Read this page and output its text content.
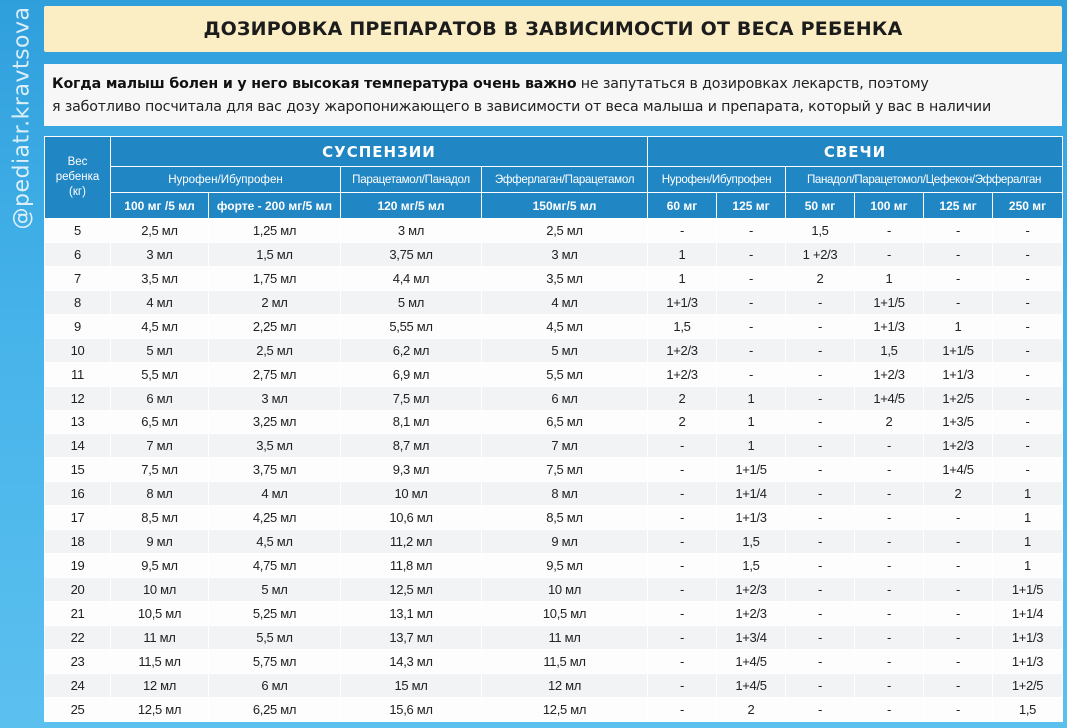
@pediatr.kravtsova	ДОЗИРОВКА ПРЕПАРАТОВ В ЗАВИСИМОСТИ ОТ ВЕСА РЕБЕНКА
Когда малыш болен и у него высокая температура очень важно не запутаться в дозировках лекарств, поэтому
я заботливо посчитала для вас дозу жаропонижающего в зависимости от веса малыша и препарата, который у вас в наличии
Вес
ребенка
(кг)	СУСПЕНЗИИ				СВЕЧИ					
	Нурофен/Ибупрофен		Парацетамол/Панадол	Эфферлаган/Парацетамол	Нурофен/Ибупрофен		Панадол/Парацетомол/Цефекон/Эффералган			
	100 мг /5 мл	форте - 200 мг/5 мл	120 мг/5 мл	150мг/5 мл	60 мг	125 мг	50 мг	100 мг	125 мг	250 мг
5	2,5 мл	1,25 мл	3 мл	2,5 мл	-	-	1,5	-	-	-
6	3 мл	1,5 мл	3,75 мл	3 мл	1	-	1 +2/3	-	-	-
7	3,5 мл	1,75 мл	4,4 мл	3,5 мл	1	-	2	1	-	-
8	4 мл	2 мл	5 мл	4 мл	1+1/3	-	-	1+1/5	-	-
9	4,5 мл	2,25 мл	5,55 мл	4,5 мл	1,5	-	-	1+1/3	1	-
10	5 мл	2,5 мл	6,2 мл	5 мл	1+2/3	-	-	1,5	1+1/5	-
11	5,5 мл	2,75 мл	6,9 мл	5,5 мл	1+2/3	-	-	1+2/3	1+1/3	-
12	6 мл	3 мл	7,5 мл	6 мл	2	1	-	1+4/5	1+2/5	-
13	6,5 мл	3,25 мл	8,1 мл	6,5 мл	2	1	-	2	1+3/5	-
14	7 мл	3,5 мл	8,7 мл	7 мл	-	1	-	-	1+2/3	-
15	7,5 мл	3,75 мл	9,3 мл	7,5 мл	-	1+1/5	-	-	1+4/5	-
16	8 мл	4 мл	10 мл	8 мл	-	1+1/4	-	-	2	1
17	8,5 мл	4,25 мл	10,6 мл	8,5 мл	-	1+1/3	-	-	-	1
18	9 мл	4,5 мл	11,2 мл	9 мл	-	1,5	-	-	-	1
19	9,5 мл	4,75 мл	11,8 мл	9,5 мл	-	1,5	-	-	-	1
20	10 мл	5 мл	12,5 мл	10 мл	-	1+2/3	-	-	-	1+1/5
21	10,5 мл	5,25 мл	13,1 мл	10,5 мл	-	1+2/3	-	-	-	1+1/4
22	11 мл	5,5 мл	13,7 мл	11 мл	-	1+3/4	-	-	-	1+1/3
23	11,5 мл	5,75 мл	14,3 мл	11,5 мл	-	1+4/5	-	-	-	1+1/3
24	12 мл	6 мл	15 мл	12 мл	-	1+4/5	-	-	-	1+2/5
25	12,5 мл	6,25 мл	15,6 мл	12,5 мл	-	2	-	-	-	1,5
